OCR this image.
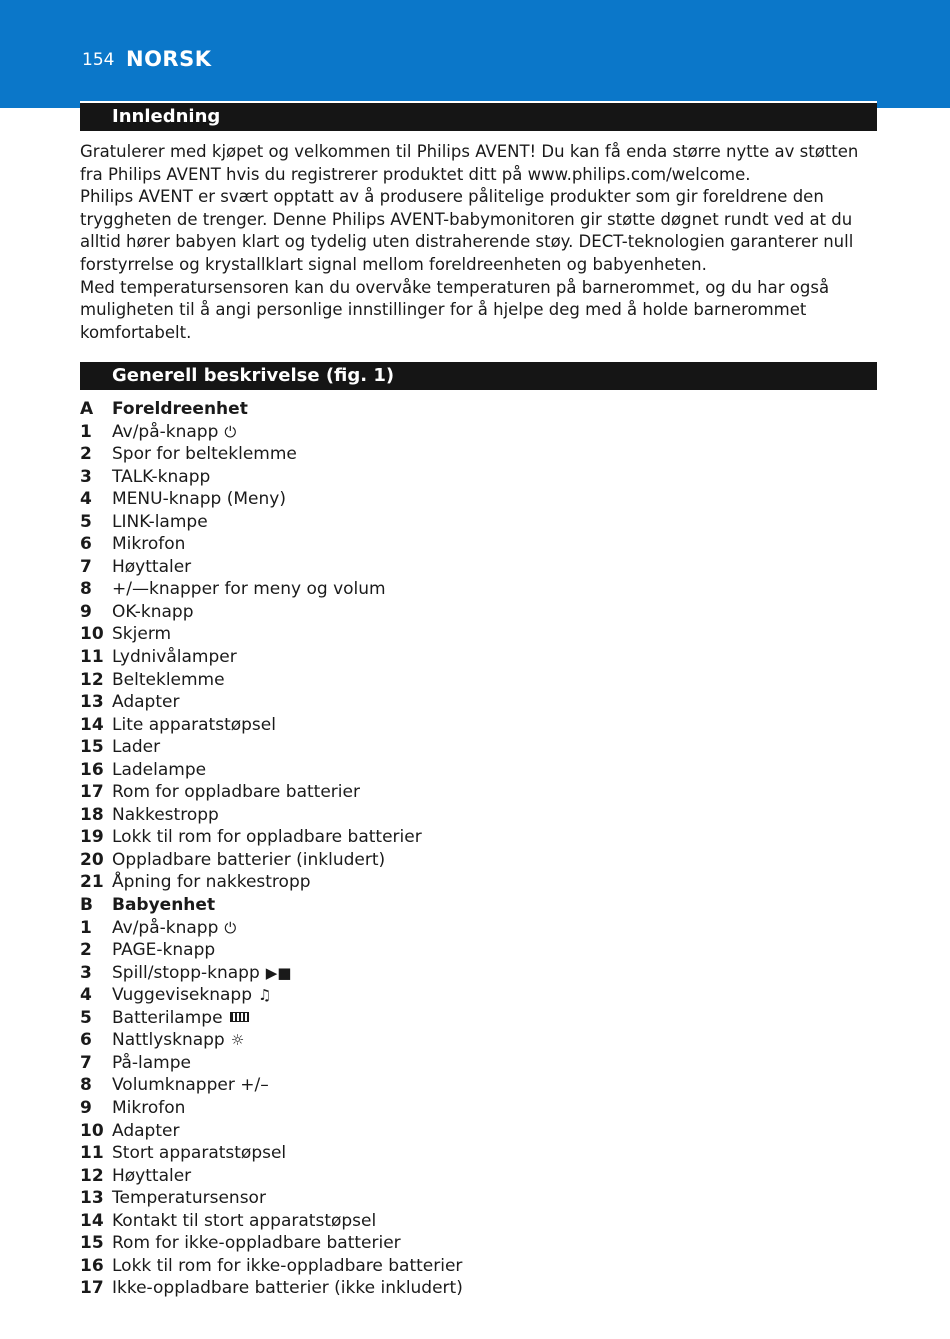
154 NORSK
Innledning

Gratulerer med kjøpet og velkommen til Philips AVENT! Du kan få enda større nytte av støtten fra Philips AVENT hvis du registrerer produktet ditt på www.philips.com/welcome.

Philips AVENT er svært opptatt av å produsere pålitelige produkter som gir foreldrene den tryggheten de trenger. Denne Philips AVENT-babymonitoren gir støtte døgnet rundt ved at du alltid hører babyen klart og tydelig uten distraherende støy. DECT-teknologien garanterer null forstyrrelse og krystallklart signal mellom foreldreenheten og babyenheten.

Med temperatursensoren kan du overvåke temperaturen på barnerommet, og du har også muligheten til å angi personlige innstillinger for å hjelpe deg med å holde barnerommet komfortabelt.

Generell beskrivelse (fig. 1)
A	Foreldreenhet
1	Av/på-knapp ⏻
2	Spor for belteklemme
3	TALK-knapp
4	MENU-knapp (Meny)
5	LINK-lampe
6	Mikrofon
7	Høyttaler
8	+/—knapper for meny og volum
9	OK-knapp
10 Skjerm
11 Lydnivålamper
12 Belteklemme
13 Adapter
14 Lite apparatstøpsel
15 Lader
16 Ladelampe
17 Rom for oppladbare batterier
18 Nakkestropp
19 Lokk til rom for oppladbare batterier
20 Oppladbare batterier (inkludert)
21 Åpning for nakkestropp
B	Babyenhet
1	Av/på-knapp ⏻
2	PAGE-knapp
3	Spill/stopp-knapp ▶■
4	Vuggeviseknapp ♫
5	Batterilampe
6	Nattlysknapp ☼
7	På-lampe
8	Volumknapper +/–
9	Mikrofon
10 Adapter
11 Stort apparatstøpsel
12 Høyttaler
13 Temperatursensor
14 Kontakt til stort apparatstøpsel
15 Rom for ikke-oppladbare batterier
16 Lokk til rom for ikke-oppladbare batterier
17 Ikke-oppladbare batterier (ikke inkludert)
